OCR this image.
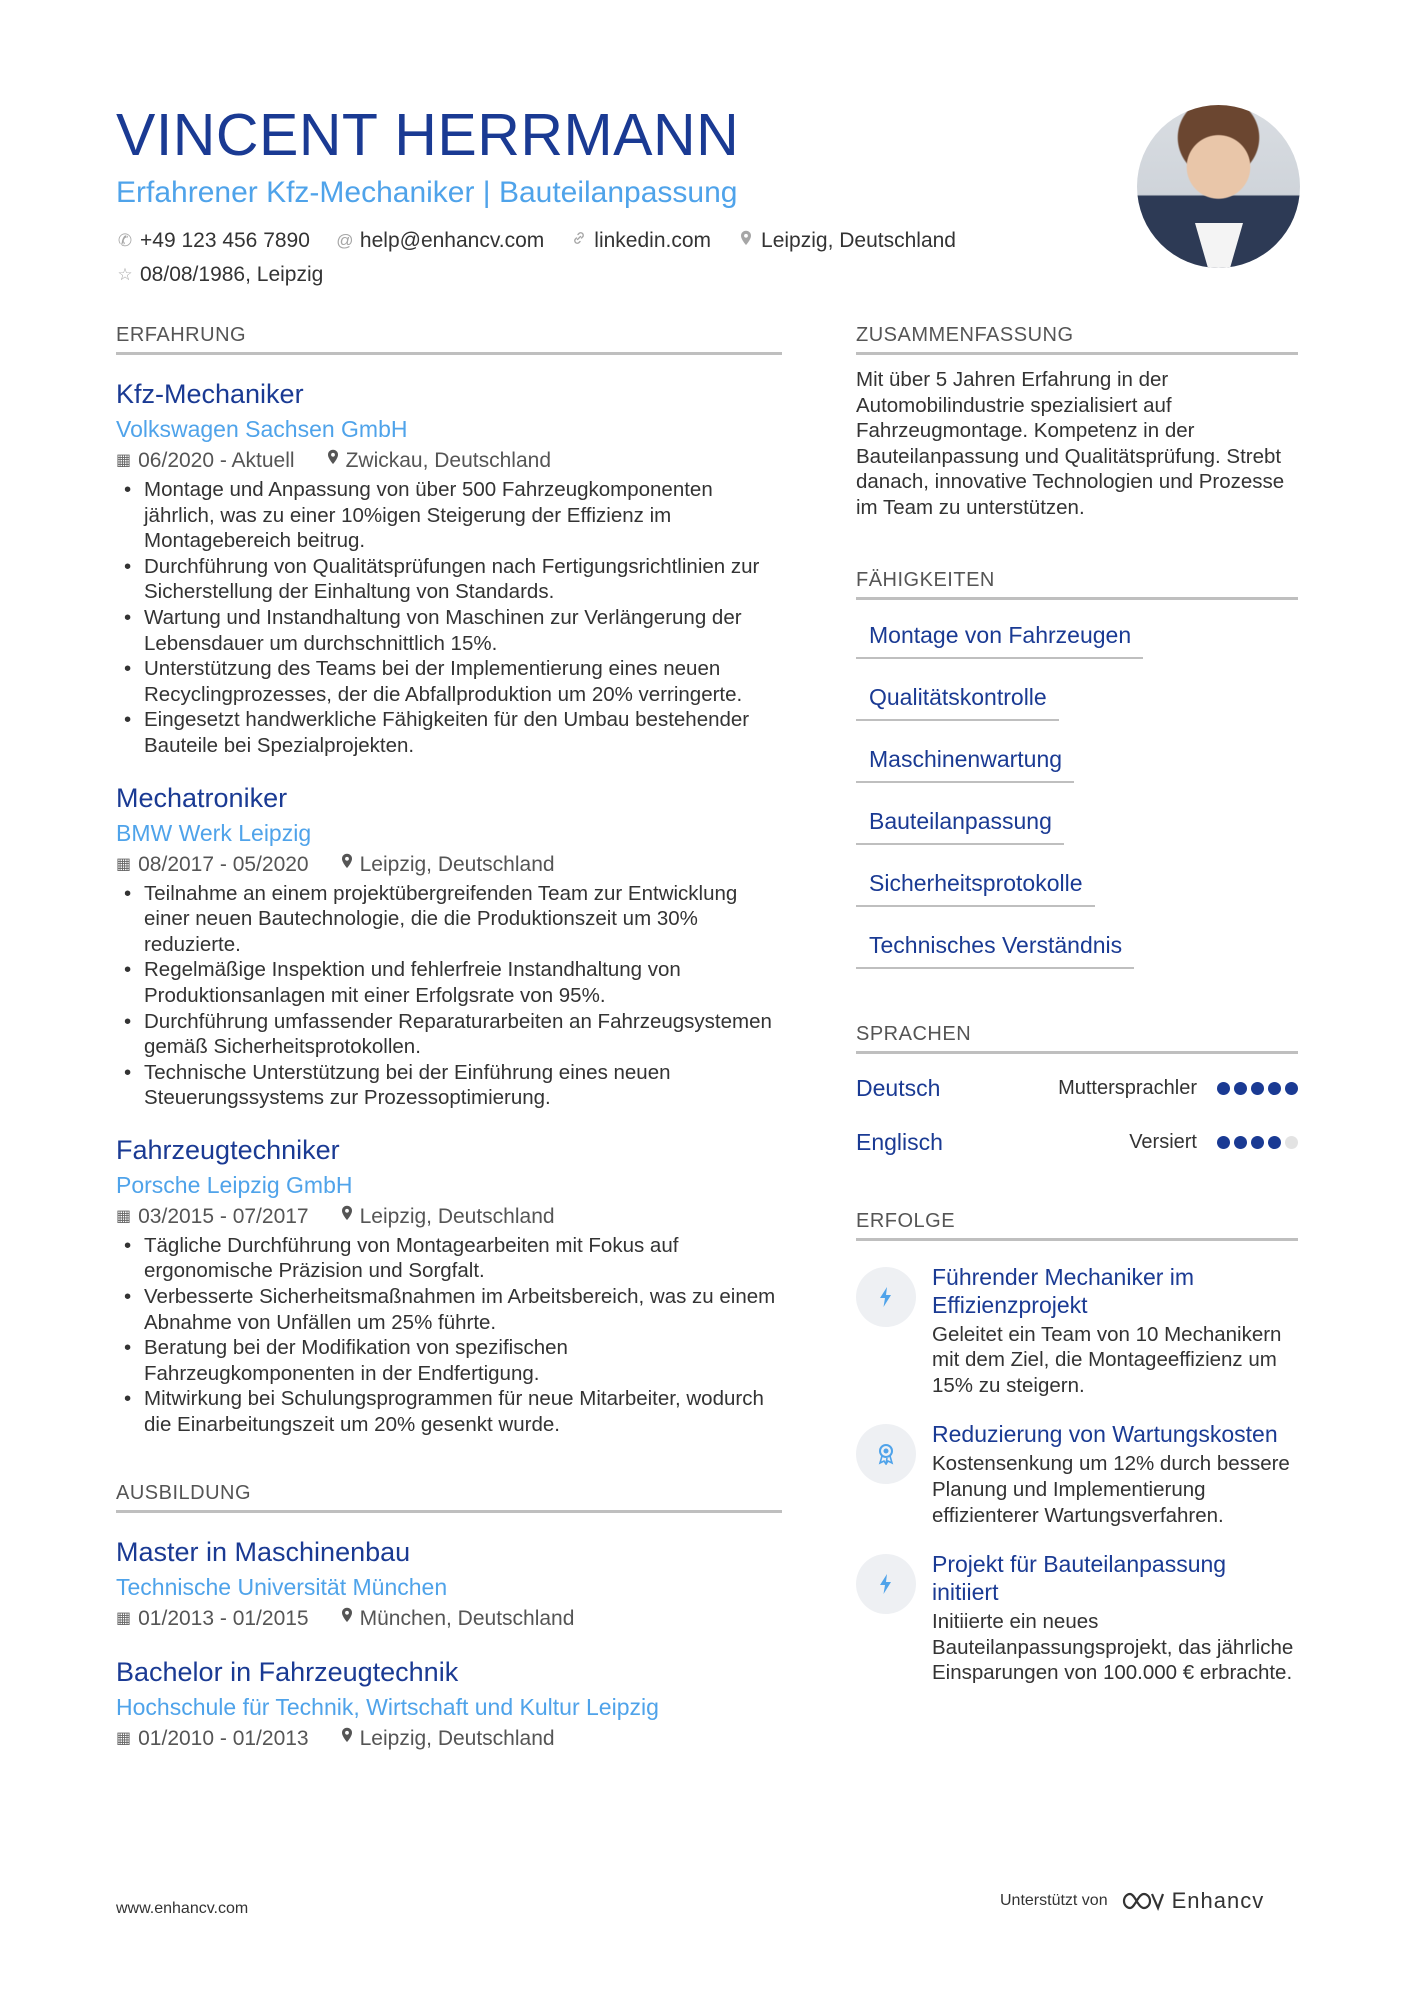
VINCENT HERRMANN
Erfahrener Kfz-Mechaniker | Bauteilanpassung
✆ +49 123 456 7890 @ help@enhancv.com linkedin.com Leipzig, Deutschland
☆ 08/08/1986, Leipzig
ERFAHRUNG
Kfz-Mechaniker
Volkswagen Sachsen GmbH
▦ 06/2020 - Aktuell Zwickau, Deutschland
• Montage und Anpassung von über 500 Fahrzeugkomponenten jährlich, was zu einer 10%igen Steigerung der Effizienz im Montagebereich beitrug.
• Durchführung von Qualitätsprüfungen nach Fertigungsrichtlinien zur Sicherstellung der Einhaltung von Standards.
• Wartung und Instandhaltung von Maschinen zur Verlängerung der Lebensdauer um durchschnittlich 15%.
• Unterstützung des Teams bei der Implementierung eines neuen Recyclingprozesses, der die Abfallproduktion um 20% verringerte.
• Eingesetzt handwerkliche Fähigkeiten für den Umbau bestehender Bauteile bei Spezialprojekten.
Mechatroniker
BMW Werk Leipzig
▦ 08/2017 - 05/2020 Leipzig, Deutschland
• Teilnahme an einem projektübergreifenden Team zur Entwicklung einer neuen Bautechnologie, die die Produktionszeit um 30% reduzierte.
• Regelmäßige Inspektion und fehlerfreie Instandhaltung von Produktionsanlagen mit einer Erfolgsrate von 95%.
• Durchführung umfassender Reparaturarbeiten an Fahrzeugsystemen gemäß Sicherheitsprotokollen.
• Technische Unterstützung bei der Einführung eines neuen Steuerungssystems zur Prozessoptimierung.
Fahrzeugtechniker
Porsche Leipzig GmbH
▦ 03/2015 - 07/2017 Leipzig, Deutschland
• Tägliche Durchführung von Montagearbeiten mit Fokus auf ergonomische Präzision und Sorgfalt.
• Verbesserte Sicherheitsmaßnahmen im Arbeitsbereich, was zu einem Abnahme von Unfällen um 25% führte.
• Beratung bei der Modifikation von spezifischen Fahrzeugkomponenten in der Endfertigung.
• Mitwirkung bei Schulungsprogrammen für neue Mitarbeiter, wodurch die Einarbeitungszeit um 20% gesenkt wurde.
AUSBILDUNG
Master in Maschinenbau
Technische Universität München
▦ 01/2013 - 01/2015 München, Deutschland
Bachelor in Fahrzeugtechnik
Hochschule für Technik, Wirtschaft und Kultur Leipzig
▦ 01/2010 - 01/2013 Leipzig, Deutschland
ZUSAMMENFASSUNG
Mit über 5 Jahren Erfahrung in der Automobilindustrie spezialisiert auf Fahrzeugmontage. Kompetenz in der Bauteilanpassung und Qualitätsprüfung. Strebt danach, innovative Technologien und Prozesse im Team zu unterstützen.
FÄHIGKEITEN
Montage von Fahrzeugen
Qualitätskontrolle
Maschinenwartung
Bauteilanpassung
Sicherheitsprotokolle
Technisches Verständnis
SPRACHEN
Deutsch	Muttersprachler
Englisch	Versiert
ERFOLGE
Führender Mechaniker im Effizienzprojekt
Geleitet ein Team von 10 Mechanikern mit dem Ziel, die Montageeffizienz um 15% zu steigern.
Reduzierung von Wartungskosten
Kostensenkung um 12% durch bessere Planung und Implementierung effizienterer Wartungsverfahren.
Projekt für Bauteilanpassung initiiert
Initiierte ein neues Bauteilanpassungsprojekt, das jährliche Einsparungen von 100.000 € erbrachte.
www.enhancv.com	Unterstützt von	Enhancv
